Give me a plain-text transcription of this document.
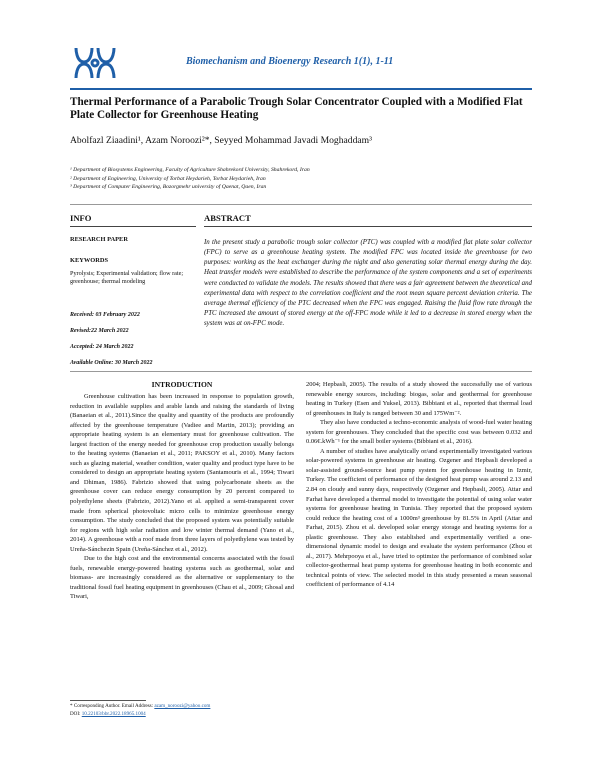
Biomechanism and Bioenergy Research 1(1), 1-11
Thermal Performance of a Parabolic Trough Solar Concentrator Coupled with a Modified Flat Plate Collector for Greenhouse Heating
Abolfazl Ziaadini¹, Azam Noroozi²*, Seyyed Mohammad Javadi Moghaddam³
¹ Department of Biosystems Engineering, Faculty of Agriculture Shahrekord University, Shahrekord, Iran
² Department of Engineering, University of Torbat Heydarieh, Torbat Heydarieh, Iran
³ Department of Computer Engineering, Bozorgmehr university of Qaenat, Qaen, Iran
INFO
RESEARCH PAPER
KEYWORDS
Pyrolysis; Experimental validation; flow rate; greenhouse; thermal modeling
Received: 03 February 2022
Revised:22 March 2022
Accepted: 24 March 2022
Available Online: 30 March 2022
ABSTRACT
In the present study a parabolic trough solar collector (PTC) was coupled with a modified flat plate solar collector (FPC) to serve as a greenhouse heating system. The modified FPC was located inside the greenhouse for two purposes: working as the heat exchanger during the night and also generating solar thermal energy during the day. Heat transfer models were established to describe the performance of the system components and a set of experiments were conducted to validate the models. The results showed that there was a fair agreement between the theoretical and experimental data with respect to the correlation coefficient and the root mean square percent deviation criteria. The average thermal efficiency of the PTC decreased when the FPC was engaged. Raising the fluid flow rate through the PTC increased the amount of stored energy at the off-FPC mode while it led to a decrease in stored energy when the system was at on-FPC mode.
INTRODUCTION

Greenhouse cultivation has been increased in response to population growth, reduction in available supplies and arable lands and raising the standards of living (Banaeian et al., 2011).Since the quality and quantity of the products are profoundly affected by the greenhouse temperature (Vadiee and Martin, 2013); providing an appropriate heating system is an elementary must for greenhouse cultivation. The largest fraction of the energy needed for greenhouse crop production usually belongs to the heating systems (Banaeian et al., 2011; PAKSOY et al., 2010). Many factors such as glazing material, weather condition, water quality and product type have to be considered to design an appropriate heating system (Santamouris et al., 1994; Tiwari and Dhiman, 1986). Fabrizio showed that using polycarbonate sheets as the greenhouse cover can reduce energy consumption by 20 percent compared to polyethylene sheets (Fabrizio, 2012).Yano et al. applied a semi-transparent cover made from spherical photovoltaic micro cells to minimize greenhouse energy consumption. The study concluded that the proposed system was potentially suitable for regions with high solar radiation and low winter thermal demand (Yano et al., 2014). A greenhouse with a roof made from three layers of polyethylene was tested by Ureña-Sánchezin Spain (Ureña-Sánchez et al., 2012).

Due to the high cost and the environmental concerns associated with the fossil fuels, renewable energy-powered heating systems such as geothermal, solar and biomass- are increasingly considered as the alternative or supplementary to the traditional fossil fuel heating equipment in greenhouses (Chau et al., 2009; Ghosal and Tiwari,

2004; Hepbasli, 2005). The results of a study showed the successfully use of various renewable energy sources, including: biogas, solar and geothermal for greenhouse heating in Turkey (Esen and Yuksel, 2013). Bibbiani et al., reported that thermal load of greenhouses in Italy is ranged between 30 and 175Wm⁻².

They also have conducted a techno-economic analysis of wood-fuel water heating system for greenhouses. They concluded that the specific cost was between 0.032 and 0.06€.kWh⁻¹ for the small boiler systems (Bibbiani et al., 2016).

A number of studies have analytically or/and experimentally investigated various solar-powered systems in greenhouse air heating. Ozgener and Hepbasli developed a solar-assisted ground-source heat pump system for greenhouse heating in Izmir, Turkey. The coefficient of performance of the designed heat pump was around 2.13 and 2.84 on cloudy and sunny days, respectively (Ozgener and Hepbasli, 2005). Attar and Farhat have developed a thermal model to investigate the potential of using solar water systems for greenhouse heating in Tunisia. They reported that the proposed system could reduce the heating cost of a 1000m³ greenhouse by 81.5% in April (Attar and Farhat, 2015). Zhou et al. developed solar energy storage and heating systems for a plastic greenhouse. They also established and experimentally verified a one-dimensional dynamic model to design and evaluate the system performance (Zhou et al., 2017). Mehrpooya et al., have tried to optimize the performance of combined solar collector-geothermal heat pump systems for greenhouse heating in both economic and technical points of view. The selected model in this study presented a mean seasonal coefficient of performance of 4.14

* Corresponding Author. Email Address: azam_noroozi@yahoo.com
DOI: 10.22103/bbr.2022.18965.1004
